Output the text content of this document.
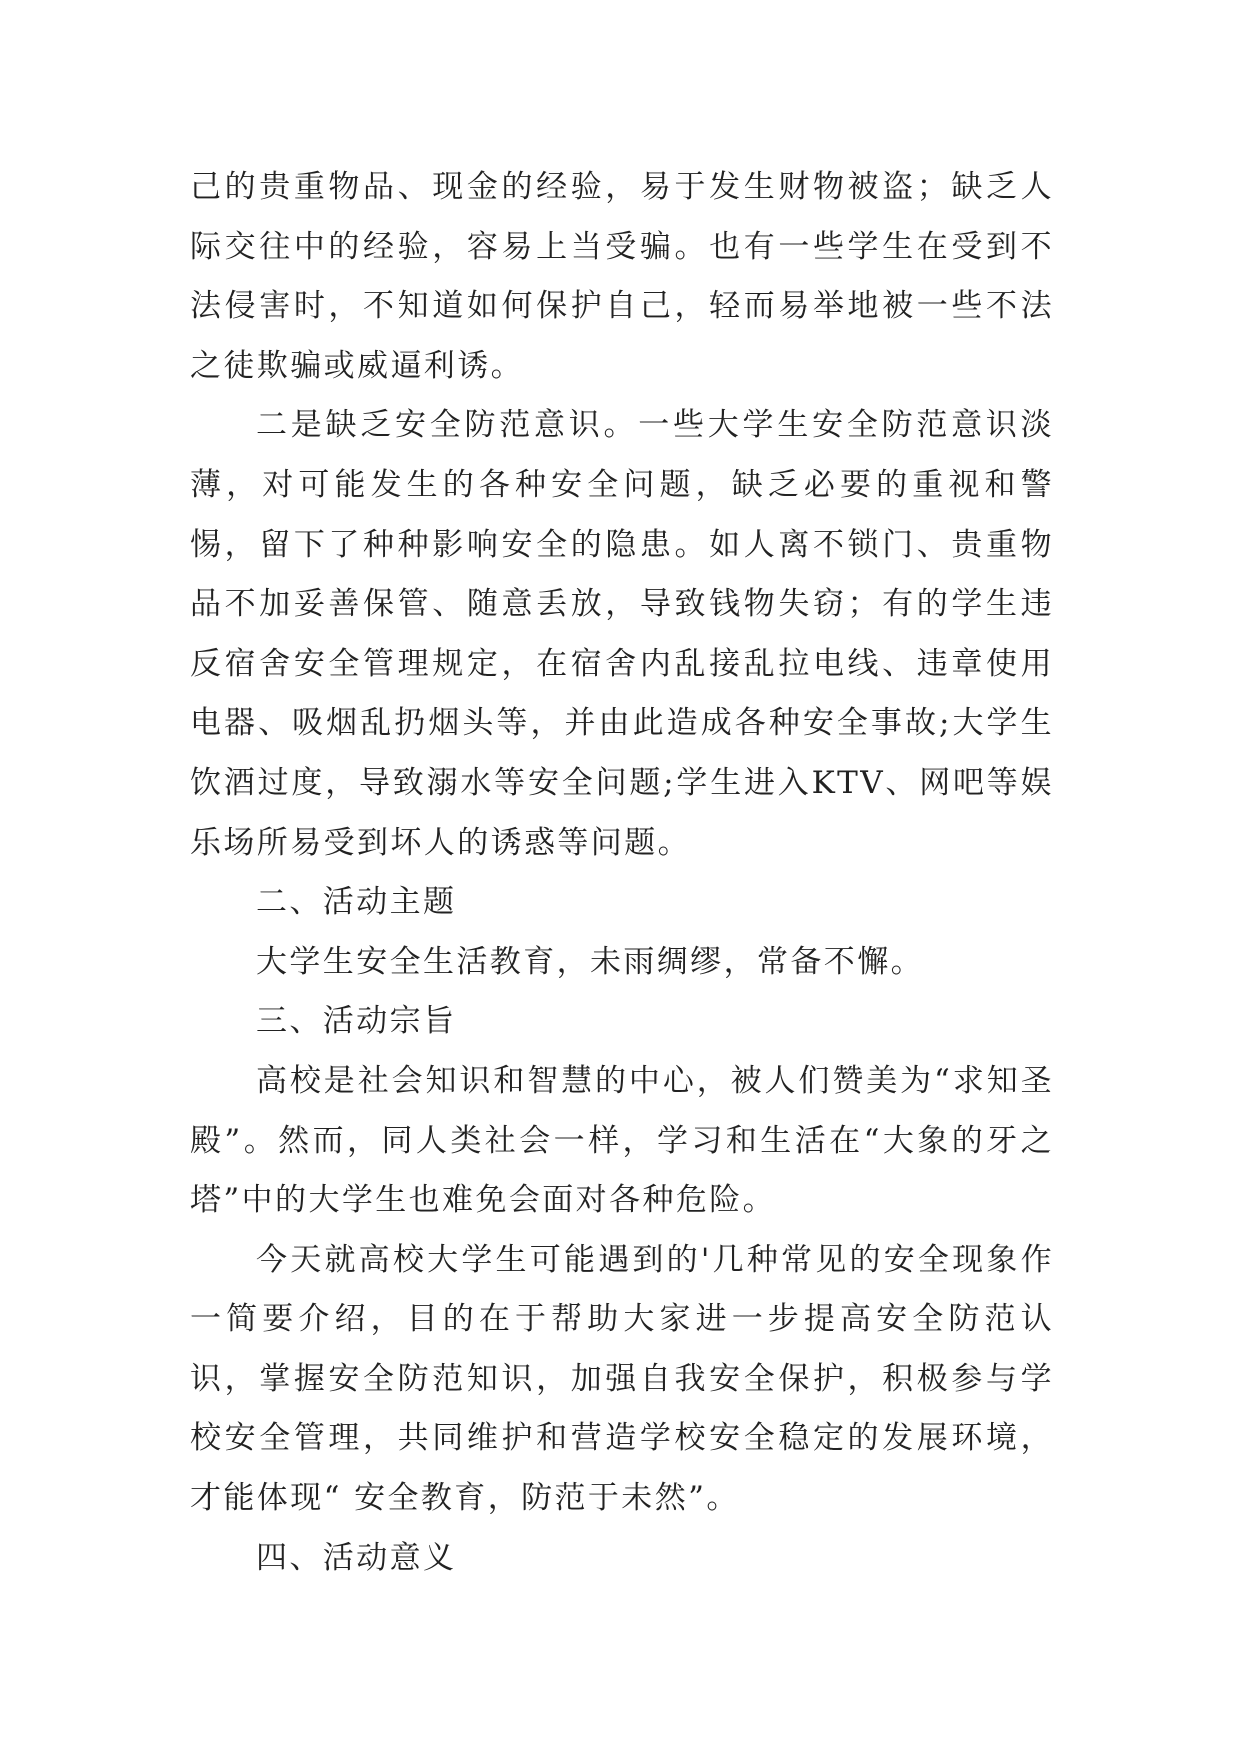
己的贵重物品、现金的经验，易于发生财物被盗；缺乏人际交往中的经验，容易上当受骗。也有一些学生在受到不法侵害时，不知道如何保护自己，轻而易举地被一些不法之徒欺骗或威逼利诱。

二是缺乏安全防范意识。一些大学生安全防范意识淡薄，对可能发生的各种安全问题，缺乏必要的重视和警惕，留下了种种影响安全的隐患。如人离不锁门、贵重物品不加妥善保管、随意丢放，导致钱物失窃；有的学生违反宿舍安全管理规定，在宿舍内乱接乱拉电线、违章使用电器、吸烟乱扔烟头等，并由此造成各种安全事故;大学生饮酒过度，导致溺水等安全问题;学生进入KTV、网吧等娱乐场所易受到坏人的诱惑等问题。

二、活动主题

大学生安全生活教育，未雨绸缪，常备不懈。

三、活动宗旨

高校是社会知识和智慧的中心，被人们赞美为“求知圣殿”。然而，同人类社会一样，学习和生活在“大象的牙之塔”中的大学生也难免会面对各种危险。

今天就高校大学生可能遇到的'几种常见的安全现象作一简要介绍，目的在于帮助大家进一步提高安全防范认识，掌握安全防范知识，加强自我安全保护，积极参与学校安全管理，共同维护和营造学校安全稳定的发展环境，才能体现“ 安全教育，防范于未然”。

四、活动意义
